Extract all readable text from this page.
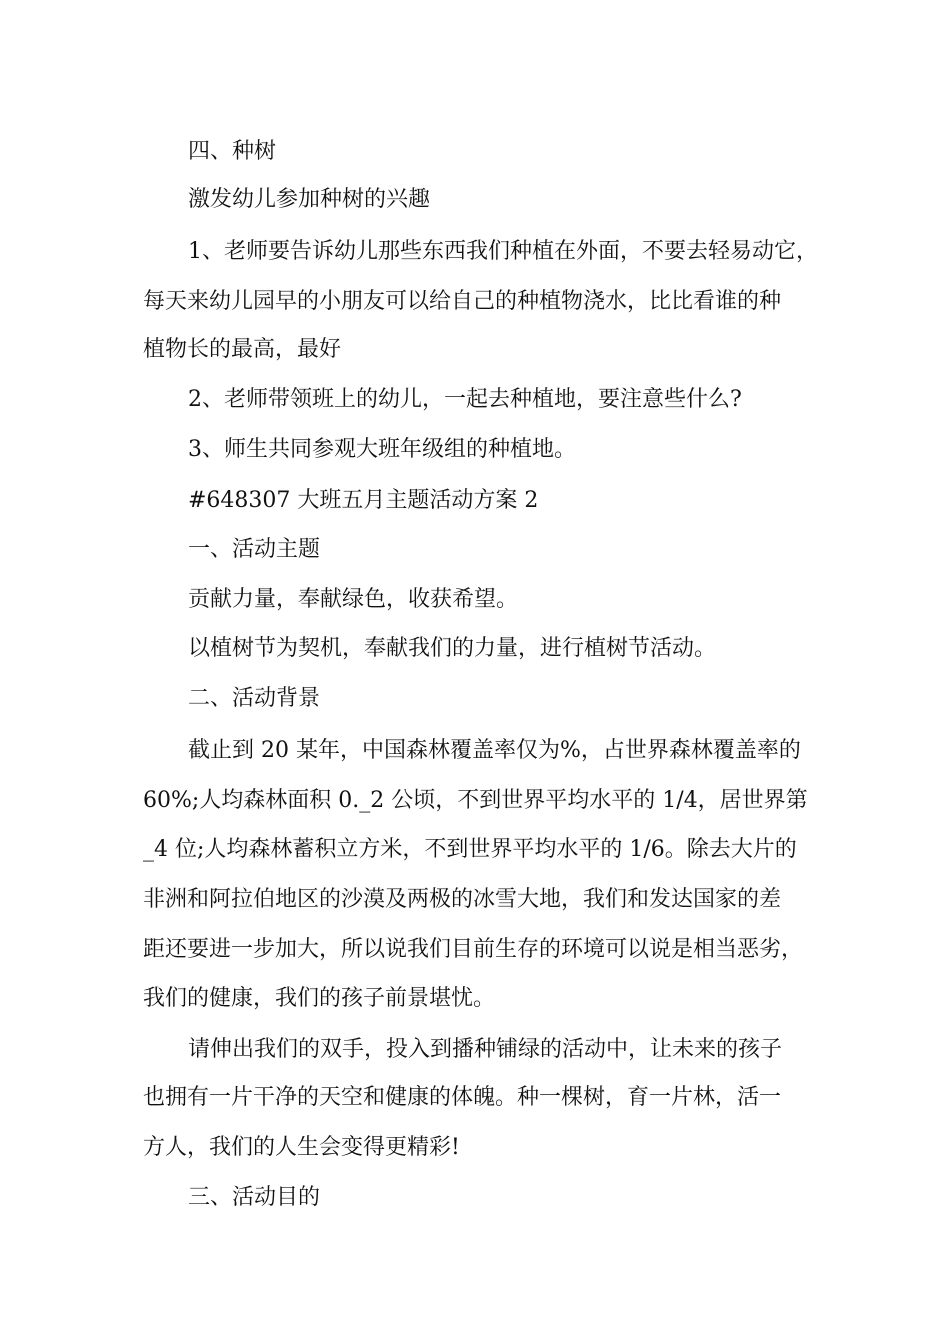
四、种树
激发幼儿参加种树的兴趣
1、老师要告诉幼儿那些东西我们种植在外面，不要去轻易动它，
每天来幼儿园早的小朋友可以给自己的种植物浇水，比比看谁的种
植物长的最高，最好
2、老师带领班上的幼儿，一起去种植地，要注意些什么?
3、师生共同参观大班年级组的种植地。
#648307 大班五月主题活动方案 2
一、活动主题
贡献力量，奉献绿色，收获希望。
以植树节为契机，奉献我们的力量，进行植树节活动。
二、活动背景
截止到 20 某年，中国森林覆盖率仅为%，占世界森林覆盖率的
60%;人均森林面积 0._2 公顷，不到世界平均水平的 1/4，居世界第
_4 位;人均森林蓄积立方米，不到世界平均水平的 1/6。除去大片的
非洲和阿拉伯地区的沙漠及两极的冰雪大地，我们和发达国家的差
距还要进一步加大，所以说我们目前生存的环境可以说是相当恶劣，
我们的健康，我们的孩子前景堪忧。
请伸出我们的双手，投入到播种铺绿的活动中，让未来的孩子
也拥有一片干净的天空和健康的体魄。种一棵树，育一片林，活一
方人，我们的人生会变得更精彩!
三、活动目的
